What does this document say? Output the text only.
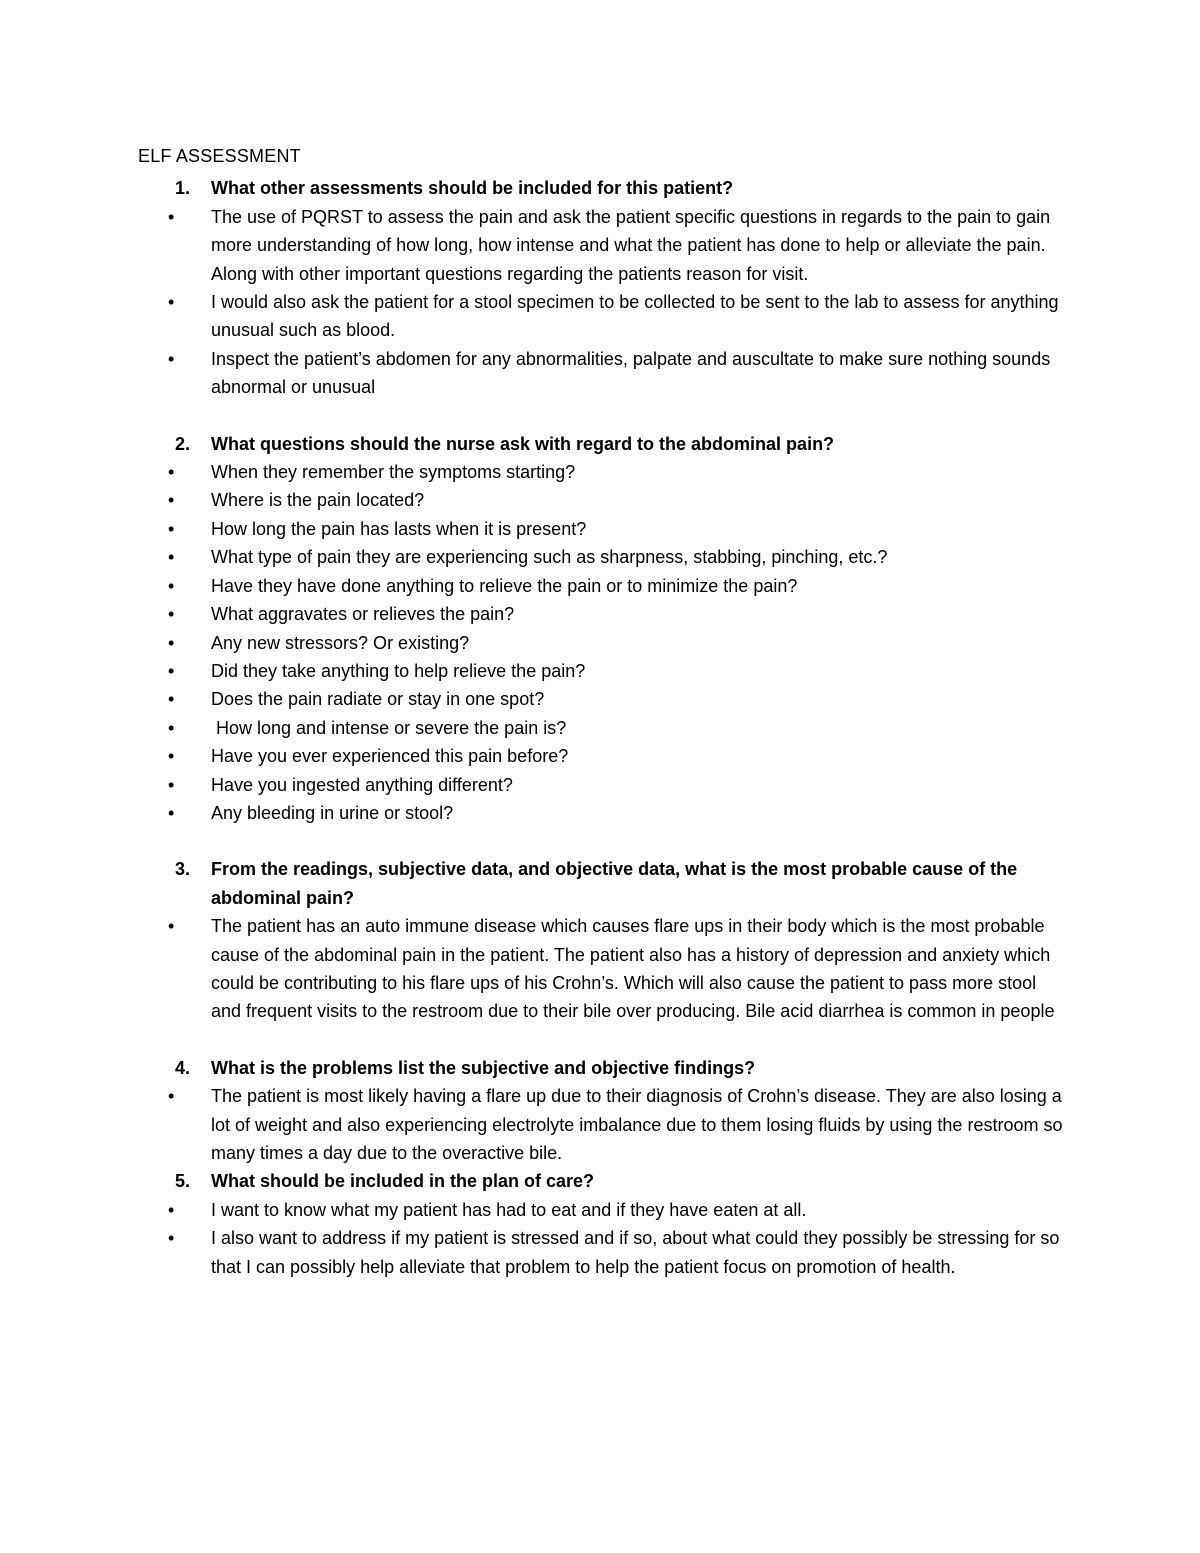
ELF ASSESSMENT
1. What other assessments should be included for this patient?
• The use of PQRST to assess the pain and ask the patient specific questions in regards to the pain to gain more understanding of how long, how intense and what the patient has done to help or alleviate the pain. Along with other important questions regarding the patients reason for visit.
• I would also ask the patient for a stool specimen to be collected to be sent to the lab to assess for anything unusual such as blood.
• Inspect the patient’s abdomen for any abnormalities, palpate and auscultate to make sure nothing sounds abnormal or unusual
2. What questions should the nurse ask with regard to the abdominal pain?
• When they remember the symptoms starting?
• Where is the pain located?
• How long the pain has lasts when it is present?
• What type of pain they are experiencing such as sharpness, stabbing, pinching, etc.?
• Have they have done anything to relieve the pain or to minimize the pain?
• What aggravates or relieves the pain?
• Any new stressors? Or existing?
• Did they take anything to help relieve the pain?
• Does the pain radiate or stay in one spot?
• How long and intense or severe the pain is?
• Have you ever experienced this pain before?
• Have you ingested anything different?
• Any bleeding in urine or stool?
3. From the readings, subjective data, and objective data, what is the most probable cause of the abdominal pain?
• The patient has an auto immune disease which causes flare ups in their body which is the most probable cause of the abdominal pain in the patient. The patient also has a history of depression and anxiety which could be contributing to his flare ups of his Crohn’s. Which will also cause the patient to pass more stool and frequent visits to the restroom due to their bile over producing. Bile acid diarrhea is common in people
4. What is the problems list the subjective and objective findings?
• The patient is most likely having a flare up due to their diagnosis of Crohn’s disease. They are also losing a lot of weight and also experiencing electrolyte imbalance due to them losing fluids by using the restroom so many times a day due to the overactive bile.
5. What should be included in the plan of care?
• I want to know what my patient has had to eat and if they have eaten at all.
• I also want to address if my patient is stressed and if so, about what could they possibly be stressing for so that I can possibly help alleviate that problem to help the patient focus on promotion of health.
